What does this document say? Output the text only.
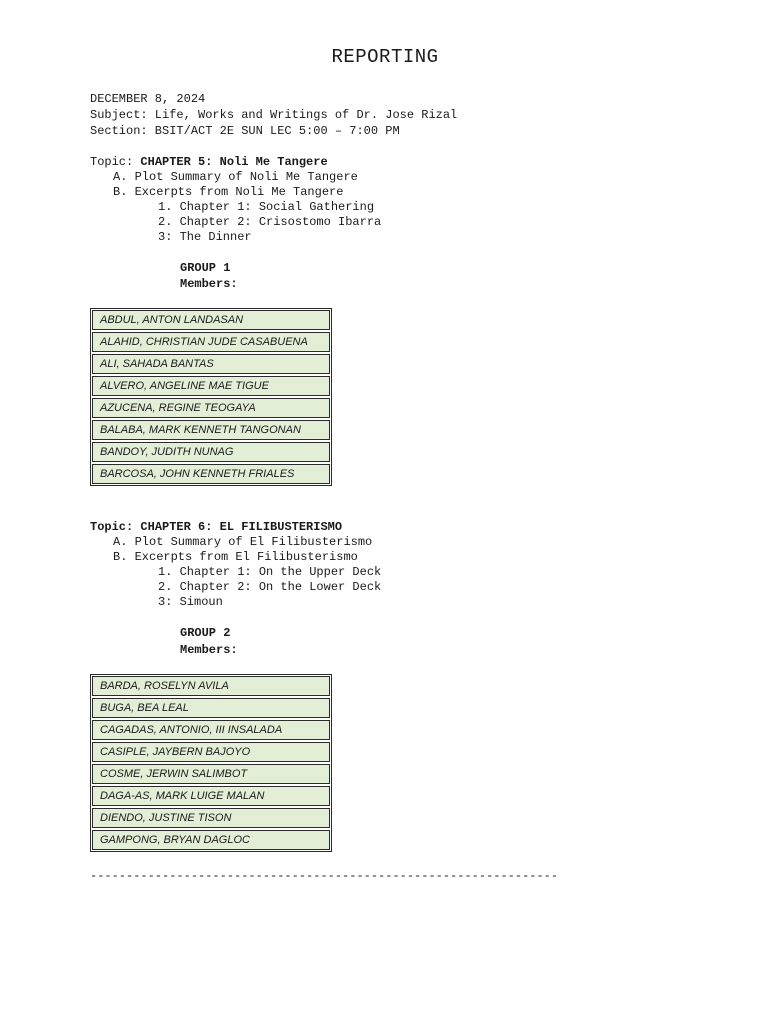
REPORTING

DECEMBER 8, 2024

Subject: Life, Works and Writings of Dr. Jose Rizal

Section: BSIT/ACT 2E SUN LEC 5:00 – 7:00 PM

Topic: CHAPTER 5: Noli Me Tangere

A. Plot Summary of Noli Me Tangere

B. Excerpts from Noli Me Tangere

1. Chapter 1: Social Gathering

2. Chapter 2: Crisostomo Ibarra

3: The Dinner

GROUP 1

Members:

ABDUL, ANTON LANDASAN
ALAHID, CHRISTIAN JUDE CASABUENA
ALI, SAHADA BANTAS
ALVERO, ANGELINE MAE TIGUE
AZUCENA, REGINE TEOGAYA
BALABA, MARK KENNETH TANGONAN
BANDOY, JUDITH NUNAG
BARCOSA, JOHN KENNETH FRIALES

Topic: CHAPTER 6: EL FILIBUSTERISMO

A. Plot Summary of El Filibusterismo

B. Excerpts from El Filibusterismo

1. Chapter 1: On the Upper Deck

2. Chapter 2: On the Lower Deck

3: Simoun

GROUP 2

Members:

BARDA, ROSELYN AVILA
BUGA, BEA LEAL
CAGADAS, ANTONIO, III INSALADA
CASIPLE, JAYBERN BAJOYO
COSME, JERWIN SALIMBOT
DAGA-AS, MARK LUIGE MALAN
DIENDO, JUSTINE TISON
GAMPONG, BRYAN DAGLOC

-----------------------------------------------------------------
